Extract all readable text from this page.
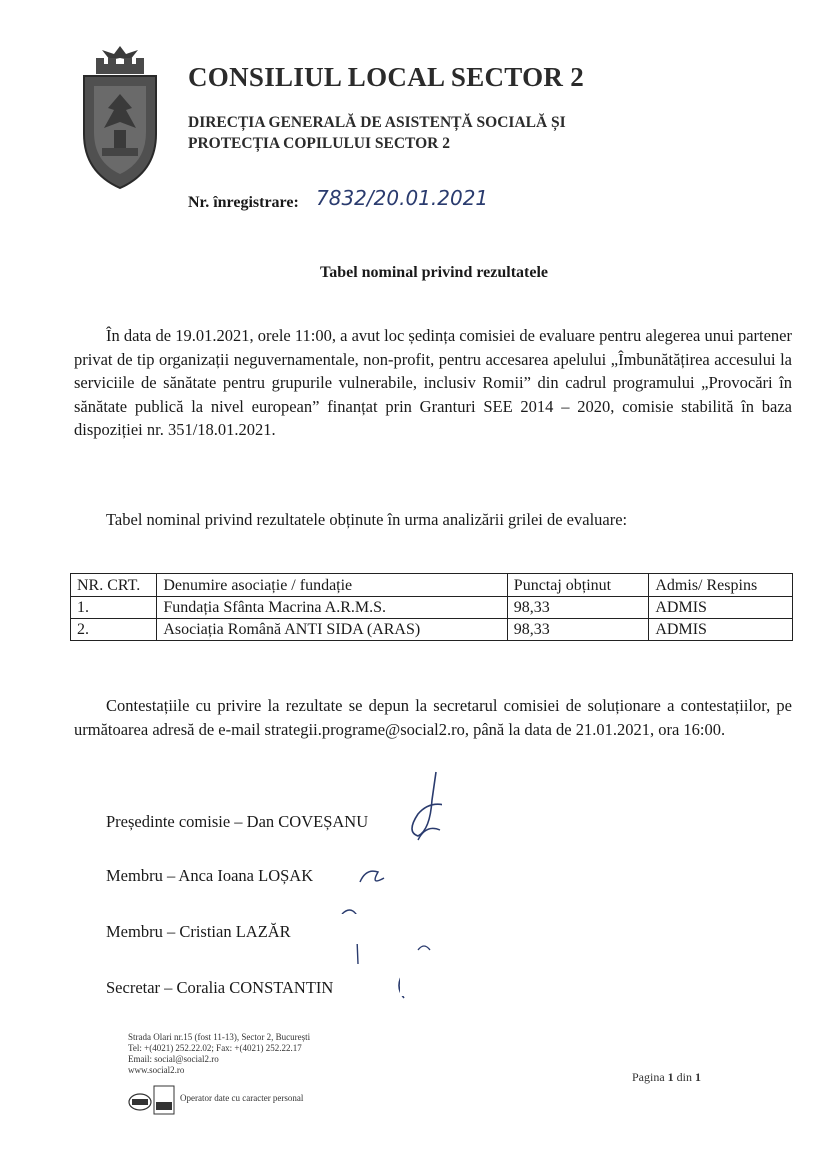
CONSILIUL LOCAL SECTOR 2
DIRECȚIA GENERALĂ DE ASISTENȚĂ SOCIALĂ ȘI
PROTECȚIA COPILULUI SECTOR 2
Nr. înregistrare: 7832/20.01.2021
Tabel nominal privind rezultatele
În data de 19.01.2021, orele 11:00, a avut loc ședința comisiei de evaluare pentru alegerea unui partener privat de tip organizații neguvernamentale, non-profit, pentru accesarea apelului „Îmbunătățirea accesului la serviciile de sănătate pentru grupurile vulnerabile, inclusiv Romii” din cadrul programului „Provocări în sănătate publică la nivel european” finanțat prin Granturi SEE 2014 – 2020, comisie stabilită în baza dispoziției nr. 351/18.01.2021.
Tabel nominal privind rezultatele obținute în urma analizării grilei de evaluare:
NR. CRT.	Denumire asociație / fundație	Punctaj obținut	Admis/ Respins
1.	Fundația Sfânta Macrina A.R.M.S.	98,33	ADMIS
2.	Asociația Română ANTI SIDA (ARAS)	98,33	ADMIS
Contestațiile cu privire la rezultate se depun la secretarul comisiei de soluționare a contestațiilor, pe următoarea adresă de e-mail strategii.programe@social2.ro, până la data de 21.01.2021, ora 16:00.
Președinte comisie – Dan COVEȘANU
Membru – Anca Ioana LOȘAK
Membru – Cristian LAZĂR
Secretar – Coralia CONSTANTIN
Strada Olari nr.15 (fost 11-13), Sector 2, București
Tel: +(4021) 252.22.02; Fax: +(4021) 252.22.17
Email: social@social2.ro
www.social2.ro
Operator date cu caracter personal
Pagina 1 din 1
